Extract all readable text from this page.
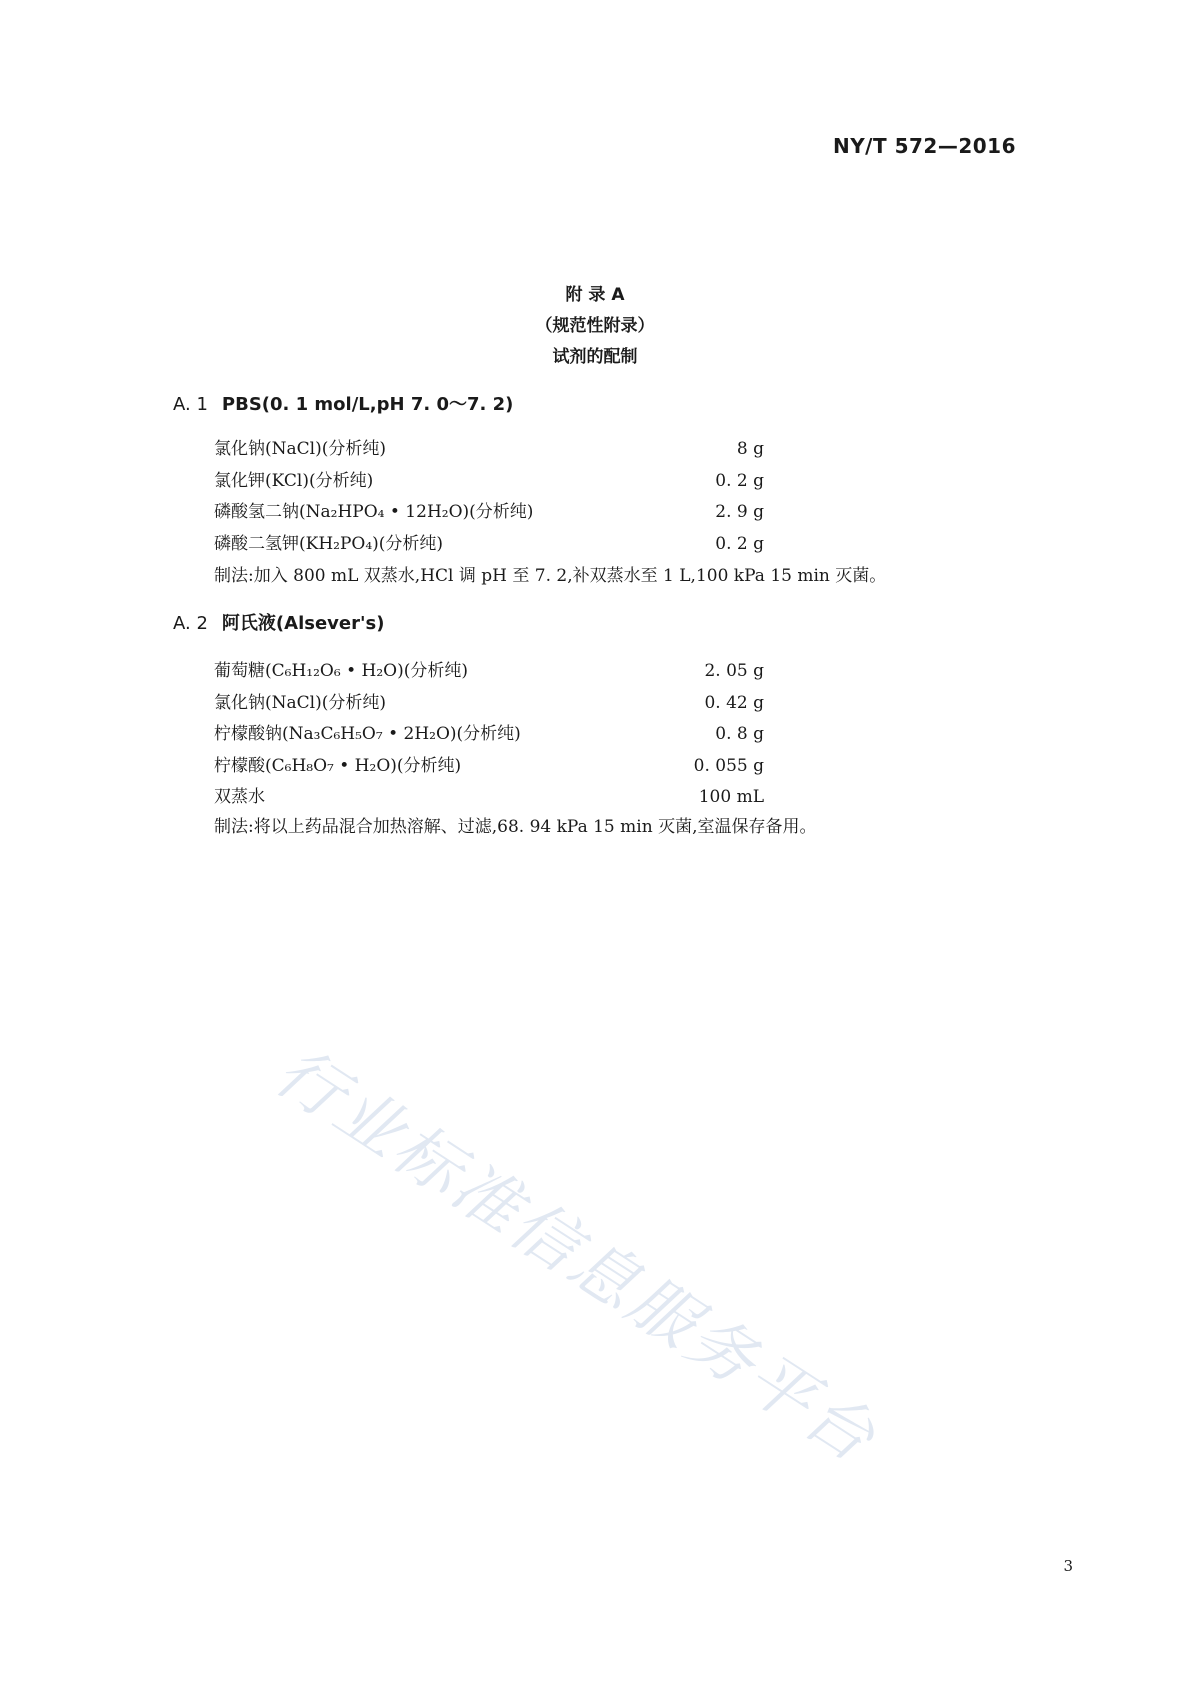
NY/T 572—2016
附 录 A
（规范性附录）
试剂的配制
A. 1 PBS(0. 1 mol/L,pH 7. 0～7. 2)
氯化钠(NaCl)(分析纯)	8 g
氯化钾(KCl)(分析纯)	0. 2 g
磷酸氢二钠(Na₂HPO₄ • 12H₂O)(分析纯)	2. 9 g
磷酸二氢钾(KH₂PO₄)(分析纯)	0. 2 g
制法:加入 800 mL 双蒸水,HCl 调 pH 至 7. 2,补双蒸水至 1 L,100 kPa 15 min 灭菌。
A. 2 阿氏液(Alsever's)
葡萄糖(C₆H₁₂O₆ • H₂O)(分析纯)	2. 05 g
氯化钠(NaCl)(分析纯)	0. 42 g
柠檬酸钠(Na₃C₆H₅O₇ • 2H₂O)(分析纯)	0. 8 g
柠檬酸(C₆H₈O₇ • H₂O)(分析纯)	0. 055 g
双蒸水	100 mL
制法:将以上药品混合加热溶解、过滤,68. 94 kPa 15 min 灭菌,室温保存备用。
行业标准信息服务平台
3
